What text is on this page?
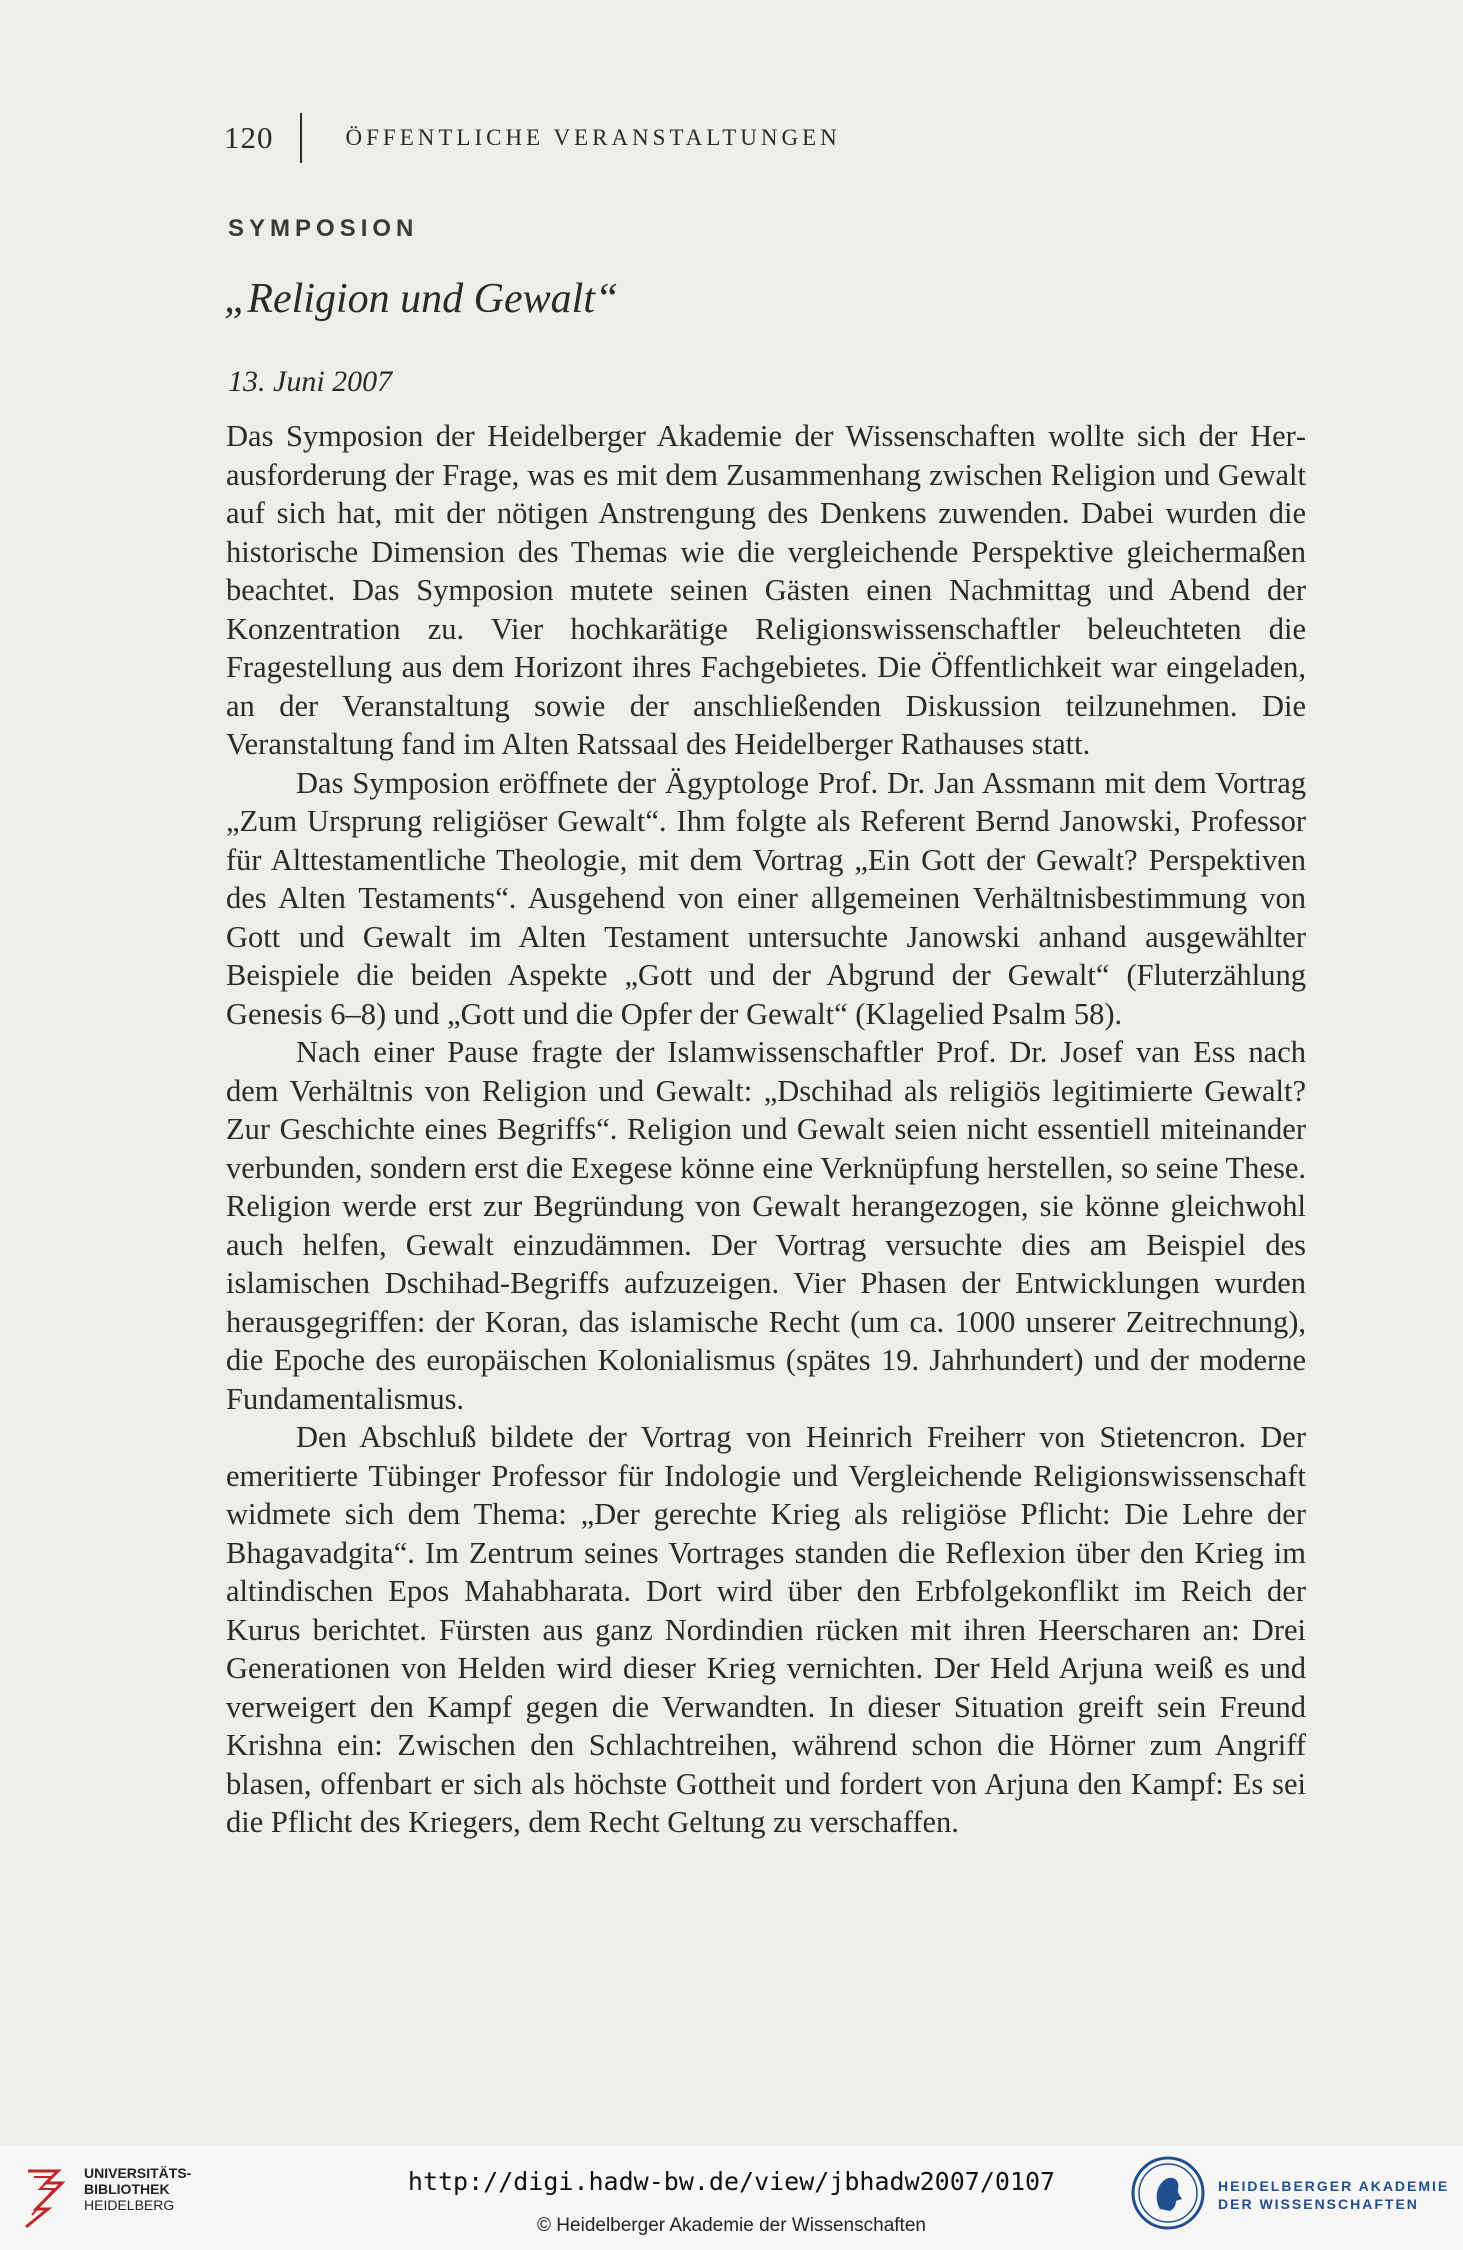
120	ÖFFENTLICHE VERANSTALTUNGEN
SYMPOSION
„Religion und Gewalt“
13. Juni 2007

Das Symposion der Heidelberger Akademie der Wissenschaften wollte sich der Herausforderung der Frage, was es mit dem Zusammenhang zwischen Religion und Gewalt auf sich hat, mit der nötigen Anstrengung des Denkens zuwenden. Dabei wurden die historische Dimension des Themas wie die vergleichende Perspektive gleichermaßen beachtet. Das Symposion mutete seinen Gästen einen Nachmittag und Abend der Konzentration zu. Vier hochkarätige Religionswissenschaftler beleuchteten die Fragestellung aus dem Horizont ihres Fachgebietes. Die Öffentlichkeit war eingeladen, an der Veranstaltung sowie der anschließenden Diskussion teilzunehmen. Die Veranstaltung fand im Alten Ratssaal des Heidelberger Rathauses statt.

Das Symposion eröffnete der Ägyptologe Prof. Dr. Jan Assmann mit dem Vortrag „Zum Ursprung religiöser Gewalt“. Ihm folgte als Referent Bernd Janowski, Professor für Alttestamentliche Theologie, mit dem Vortrag „Ein Gott der Gewalt? Perspektiven des Alten Testaments“. Ausgehend von einer allgemeinen Verhältnisbestimmung von Gott und Gewalt im Alten Testament untersuchte Janowski anhand ausgewählter Beispiele die beiden Aspekte „Gott und der Abgrund der Gewalt“ (Fluterzählung Genesis 6–8) und „Gott und die Opfer der Gewalt“ (Klagelied Psalm 58).

Nach einer Pause fragte der Islamwissenschaftler Prof. Dr. Josef van Ess nach dem Verhältnis von Religion und Gewalt: „Dschihad als religiös legitimierte Gewalt? Zur Geschichte eines Begriffs“. Religion und Gewalt seien nicht essentiell miteinander verbunden, sondern erst die Exegese könne eine Verknüpfung herstellen, so seine These. Religion werde erst zur Begründung von Gewalt herangezogen, sie könne gleichwohl auch helfen, Gewalt einzudämmen. Der Vortrag versuchte dies am Beispiel des islamischen Dschihad-Begriffs aufzuzeigen. Vier Phasen der Entwicklungen wurden herausgegriffen: der Koran, das islamische Recht (um ca. 1000 unserer Zeitrechnung), die Epoche des europäischen Kolonialismus (spätes 19. Jahrhundert) und der moderne Fundamentalismus.

Den Abschluß bildete der Vortrag von Heinrich Freiherr von Stietencron. Der emeritierte Tübinger Professor für Indologie und Vergleichende Religionswissenschaft widmete sich dem Thema: „Der gerechte Krieg als religiöse Pflicht: Die Lehre der Bhagavadgita“. Im Zentrum seines Vortrages standen die Reflexion über den Krieg im altindischen Epos Mahabharata. Dort wird über den Erbfolgekonflikt im Reich der Kurus berichtet. Fürsten aus ganz Nordindien rücken mit ihren Heerscharen an: Drei Generationen von Helden wird dieser Krieg vernichten. Der Held Arjuna weiß es und verweigert den Kampf gegen die Verwandten. In dieser Situation greift sein Freund Krishna ein: Zwischen den Schlachtreihen, während schon die Hörner zum Angriff blasen, offenbart er sich als höchste Gottheit und fordert von Arjuna den Kampf: Es sei die Pflicht des Kriegers, dem Recht Geltung zu verschaffen.

UNIVERSITÄTS-
BIBLIOTHEK
HEIDELBERG
http://digi.hadw-bw.de/view/jbhadw2007/0107
© Heidelberger Akademie der Wissenschaften
HEIDELBERGER AKADEMIE
DER WISSENSCHAFTEN
